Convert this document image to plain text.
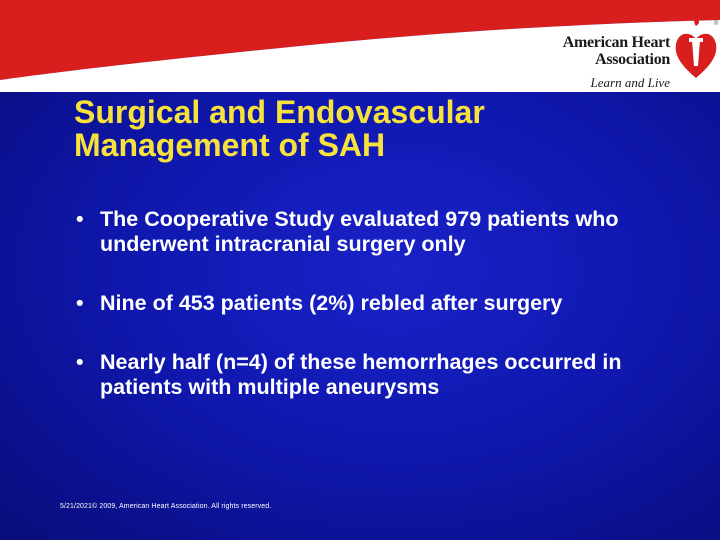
American Heart
Association
Learn and Live
®
Surgical and Endovascular
Management of SAH
• The Cooperative Study evaluated 979 patients who underwent intracranial surgery only
• Nine of 453 patients (2%) rebled after surgery
• Nearly half (n=4) of these hemorrhages occurred in patients with multiple aneurysms
5/21/2021© 2009, American Heart Association. All rights reserved.
